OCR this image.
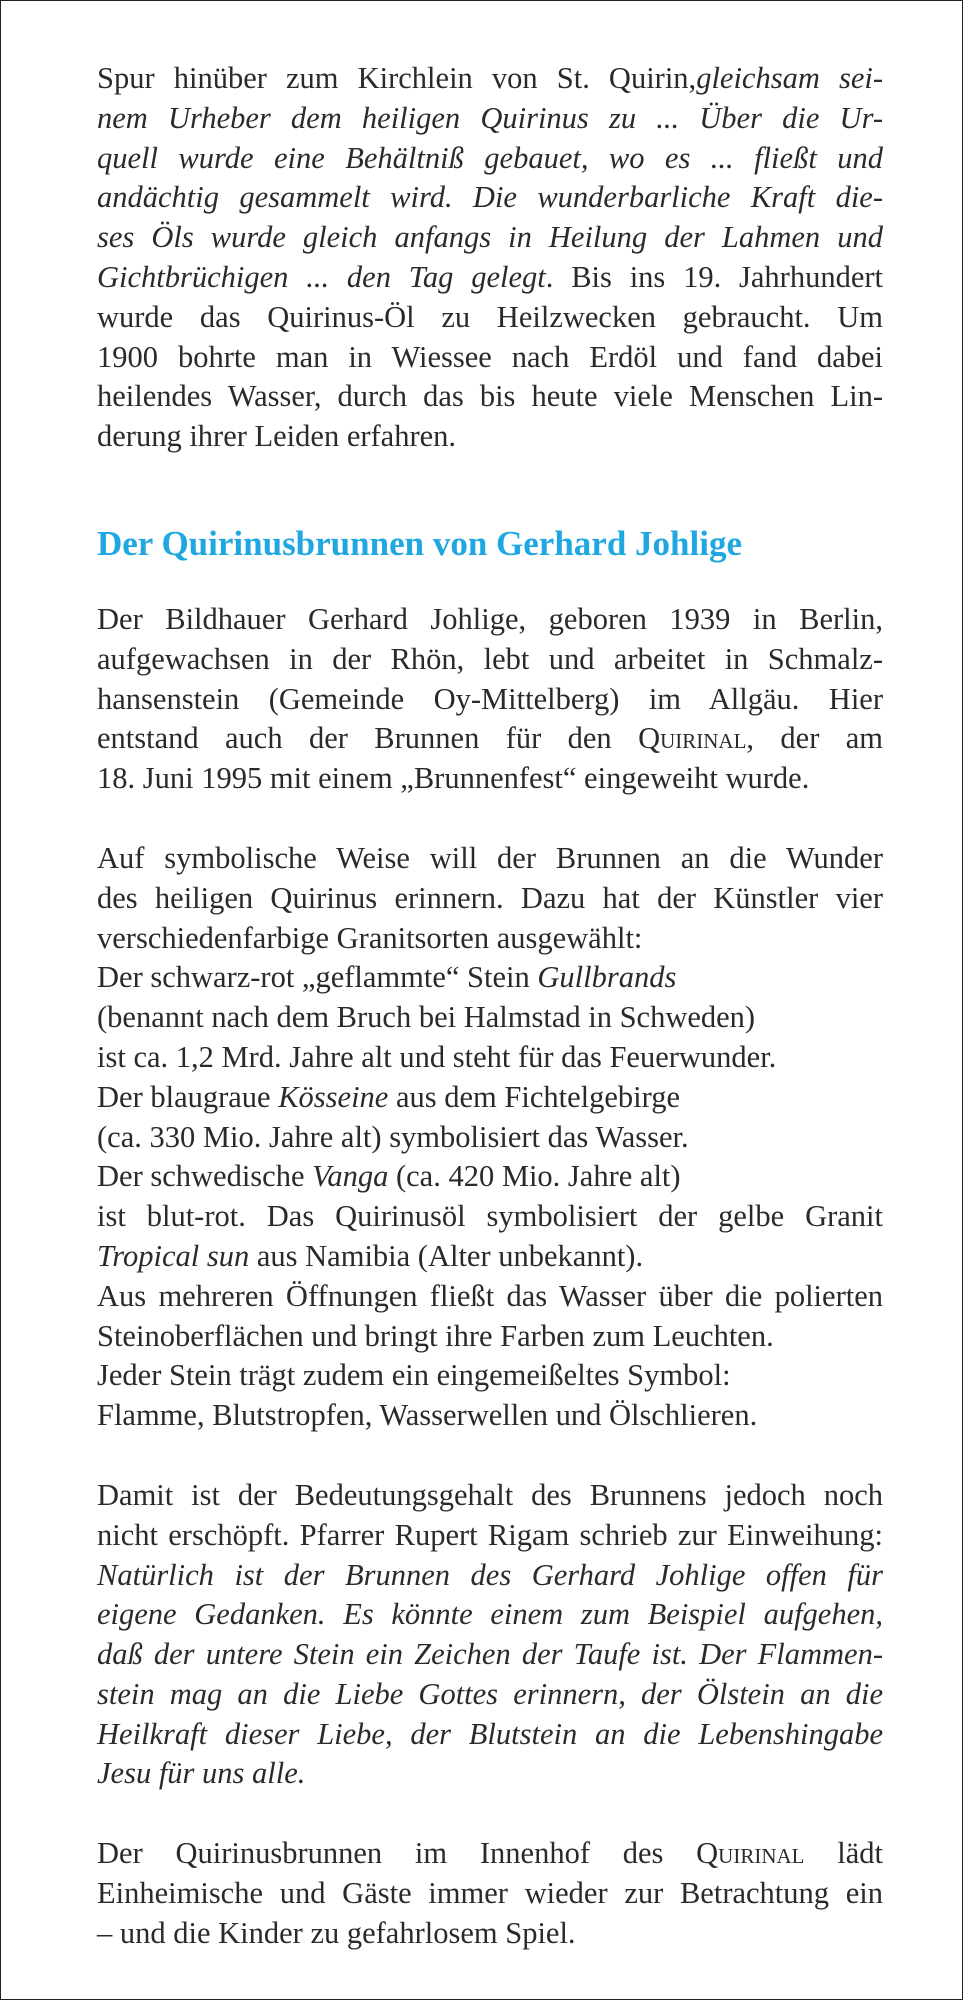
Spur hinüber zum Kirchlein von St. Quirin,gleichsam sei-
nem Urheber dem heiligen Quirinus zu ... Über die Ur-
quell wurde eine Behältniß gebauet, wo es ... fließt und
andächtig gesammelt wird. Die wunderbarliche Kraft die-
ses Öls wurde gleich anfangs in Heilung der Lahmen und
Gichtbrüchigen ... den Tag gelegt. Bis ins 19. Jahrhundert
wurde das Quirinus-Öl zu Heilzwecken gebraucht. Um
1900 bohrte man in Wiessee nach Erdöl und fand dabei
heilendes Wasser, durch das bis heute viele Menschen Lin-
derung ihrer Leiden erfahren.

Der Quirinusbrunnen von Gerhard Johlige

Der Bildhauer Gerhard Johlige, geboren 1939 in Berlin,
aufgewachsen in der Rhön, lebt und arbeitet in Schmalz-
hansenstein (Gemeinde Oy-Mittelberg) im Allgäu. Hier
entstand auch der Brunnen für den Quirinal, der am
18. Juni 1995 mit einem „Brunnenfest“ eingeweiht wurde.

Auf symbolische Weise will der Brunnen an die Wunder
des heiligen Quirinus erinnern. Dazu hat der Künstler vier
verschiedenfarbige Granitsorten ausgewählt:
Der schwarz-rot „geflammte“ Stein Gullbrands
(benannt nach dem Bruch bei Halmstad in Schweden)
ist ca. 1,2 Mrd. Jahre alt und steht für das Feuerwunder.
Der blaugraue Kösseine aus dem Fichtelgebirge
(ca. 330 Mio. Jahre alt) symbolisiert das Wasser.
Der schwedische Vanga (ca. 420 Mio. Jahre alt)
ist blut-rot. Das Quirinusöl symbolisiert der gelbe Granit
Tropical sun aus Namibia (Alter unbekannt).
Aus mehreren Öffnungen fließt das Wasser über die polierten
Steinoberflächen und bringt ihre Farben zum Leuchten.
Jeder Stein trägt zudem ein eingemeißeltes Symbol:
Flamme, Blutstropfen, Wasserwellen und Ölschlieren.

Damit ist der Bedeutungsgehalt des Brunnens jedoch noch
nicht erschöpft. Pfarrer Rupert Rigam schrieb zur Einweihung:
Natürlich ist der Brunnen des Gerhard Johlige offen für
eigene Gedanken. Es könnte einem zum Beispiel aufgehen,
daß der untere Stein ein Zeichen der Taufe ist. Der Flammen-
stein mag an die Liebe Gottes erinnern, der Ölstein an die
Heilkraft dieser Liebe, der Blutstein an die Lebenshingabe
Jesu für uns alle.

Der Quirinusbrunnen im Innenhof des Quirinal lädt
Einheimische und Gäste immer wieder zur Betrachtung ein
– und die Kinder zu gefahrlosem Spiel.
